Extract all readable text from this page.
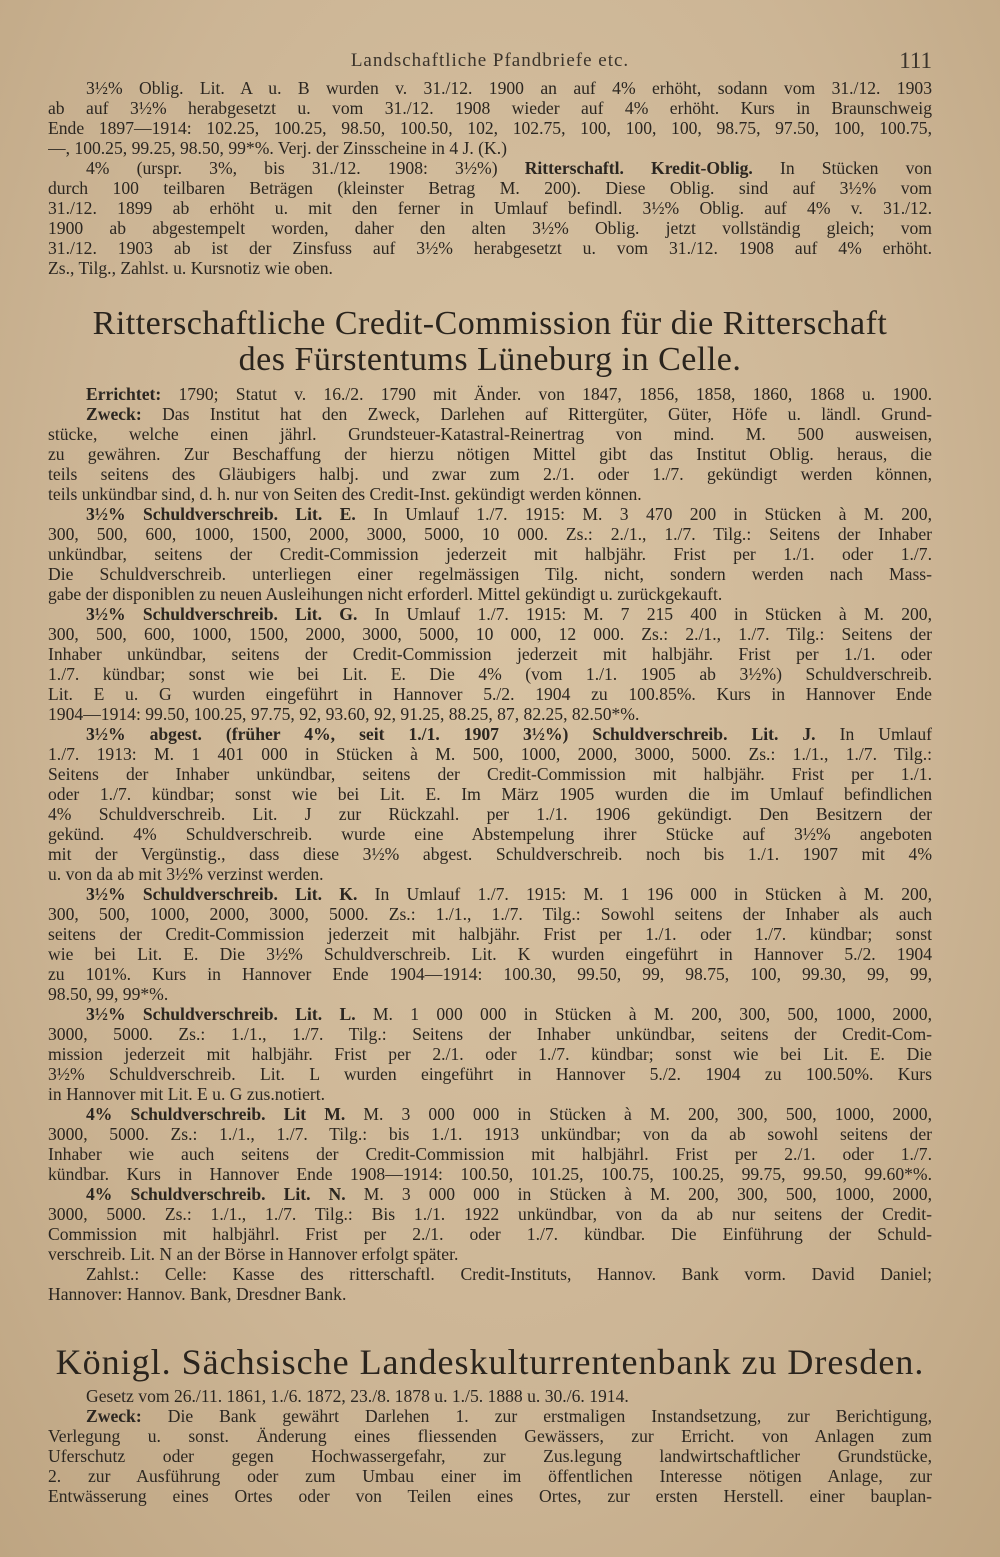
Landschaftliche Pfandbriefe etc.	111

3½% Oblig. Lit. A u. B wurden v. 31./12. 1900 an auf 4% erhöht, sodann vom 31./12. 1903

ab auf 3½% herabgesetzt u. vom 31./12. 1908 wieder auf 4% erhöht. Kurs in Braunschweig

Ende 1897—1914: 102.25, 100.25, 98.50, 100.50, 102, 102.75, 100, 100, 100, 98.75, 97.50, 100, 100.75,

—, 100.25, 99.25, 98.50, 99*%. Verj. der Zinsscheine in 4 J. (K.)

4% (urspr. 3%, bis 31./12. 1908: 3½%) Ritterschaftl. Kredit-Oblig. In Stücken von

durch 100 teilbaren Beträgen (kleinster Betrag M. 200). Diese Oblig. sind auf 3½% vom

31./12. 1899 ab erhöht u. mit den ferner in Umlauf befindl. 3½% Oblig. auf 4% v. 31./12.

1900 ab abgestempelt worden, daher den alten 3½% Oblig. jetzt vollständig gleich; vom

31./12. 1903 ab ist der Zinsfuss auf 3½% herabgesetzt u. vom 31./12. 1908 auf 4% erhöht.

Zs., Tilg., Zahlst. u. Kursnotiz wie oben.

Ritterschaftliche Credit-Commission für die Ritterschaft
des Fürstentums Lüneburg in Celle.

Errichtet: 1790; Statut v. 16./2. 1790 mit Änder. von 1847, 1856, 1858, 1860, 1868 u. 1900.

Zweck: Das Institut hat den Zweck, Darlehen auf Rittergüter, Güter, Höfe u. ländl. Grund-

stücke, welche einen jährl. Grundsteuer-Katastral-Reinertrag von mind. M. 500 ausweisen,

zu gewähren. Zur Beschaffung der hierzu nötigen Mittel gibt das Institut Oblig. heraus, die

teils seitens des Gläubigers halbj. und zwar zum 2./1. oder 1./7. gekündigt werden können,

teils unkündbar sind, d. h. nur von Seiten des Credit-Inst. gekündigt werden können.

3½% Schuldverschreib. Lit. E. In Umlauf 1./7. 1915: M. 3 470 200 in Stücken à M. 200,

300, 500, 600, 1000, 1500, 2000, 3000, 5000, 10 000. Zs.: 2./1., 1./7. Tilg.: Seitens der Inhaber

unkündbar, seitens der Credit-Commission jederzeit mit halbjähr. Frist per 1./1. oder 1./7.

Die Schuldverschreib. unterliegen einer regelmässigen Tilg. nicht, sondern werden nach Mass-

gabe der disponiblen zu neuen Ausleihungen nicht erforderl. Mittel gekündigt u. zurückgekauft.

3½% Schuldverschreib. Lit. G. In Umlauf 1./7. 1915: M. 7 215 400 in Stücken à M. 200,

300, 500, 600, 1000, 1500, 2000, 3000, 5000, 10 000, 12 000. Zs.: 2./1., 1./7. Tilg.: Seitens der

Inhaber unkündbar, seitens der Credit-Commission jederzeit mit halbjähr. Frist per 1./1. oder

1./7. kündbar; sonst wie bei Lit. E. Die 4% (vom 1./1. 1905 ab 3½%) Schuldverschreib.

Lit. E u. G wurden eingeführt in Hannover 5./2. 1904 zu 100.85%. Kurs in Hannover Ende

1904—1914: 99.50, 100.25, 97.75, 92, 93.60, 92, 91.25, 88.25, 87, 82.25, 82.50*%.

3½% abgest. (früher 4%, seit 1./1. 1907 3½%) Schuldverschreib. Lit. J. In Umlauf

1./7. 1913: M. 1 401 000 in Stücken à M. 500, 1000, 2000, 3000, 5000. Zs.: 1./1., 1./7. Tilg.:

Seitens der Inhaber unkündbar, seitens der Credit-Commission mit halbjähr. Frist per 1./1.

oder 1./7. kündbar; sonst wie bei Lit. E. Im März 1905 wurden die im Umlauf befindlichen

4% Schuldverschreib. Lit. J zur Rückzahl. per 1./1. 1906 gekündigt. Den Besitzern der

gekünd. 4% Schuldverschreib. wurde eine Abstempelung ihrer Stücke auf 3½% angeboten

mit der Vergünstig., dass diese 3½% abgest. Schuldverschreib. noch bis 1./1. 1907 mit 4%

u. von da ab mit 3½% verzinst werden.

3½% Schuldverschreib. Lit. K. In Umlauf 1./7. 1915: M. 1 196 000 in Stücken à M. 200,

300, 500, 1000, 2000, 3000, 5000. Zs.: 1./1., 1./7. Tilg.: Sowohl seitens der Inhaber als auch

seitens der Credit-Commission jederzeit mit halbjähr. Frist per 1./1. oder 1./7. kündbar; sonst

wie bei Lit. E. Die 3½% Schuldverschreib. Lit. K wurden eingeführt in Hannover 5./2. 1904

zu 101%. Kurs in Hannover Ende 1904—1914: 100.30, 99.50, 99, 98.75, 100, 99.30, 99, 99,

98.50, 99, 99*%.

3½% Schuldverschreib. Lit. L. M. 1 000 000 in Stücken à M. 200, 300, 500, 1000, 2000,

3000, 5000. Zs.: 1./1., 1./7. Tilg.: Seitens der Inhaber unkündbar, seitens der Credit-Com-

mission jederzeit mit halbjähr. Frist per 2./1. oder 1./7. kündbar; sonst wie bei Lit. E. Die

3½% Schuldverschreib. Lit. L wurden eingeführt in Hannover 5./2. 1904 zu 100.50%. Kurs

in Hannover mit Lit. E u. G zus.notiert.

4% Schuldverschreib. Lit M. M. 3 000 000 in Stücken à M. 200, 300, 500, 1000, 2000,

3000, 5000. Zs.: 1./1., 1./7. Tilg.: bis 1./1. 1913 unkündbar; von da ab sowohl seitens der

Inhaber wie auch seitens der Credit-Commission mit halbjährl. Frist per 2./1. oder 1./7.

kündbar. Kurs in Hannover Ende 1908—1914: 100.50, 101.25, 100.75, 100.25, 99.75, 99.50, 99.60*%.

4% Schuldverschreib. Lit. N. M. 3 000 000 in Stücken à M. 200, 300, 500, 1000, 2000,

3000, 5000. Zs.: 1./1., 1./7. Tilg.: Bis 1./1. 1922 unkündbar, von da ab nur seitens der Credit-

Commission mit halbjährl. Frist per 2./1. oder 1./7. kündbar. Die Einführung der Schuld-

verschreib. Lit. N an der Börse in Hannover erfolgt später.

Zahlst.: Celle: Kasse des ritterschaftl. Credit-Instituts, Hannov. Bank vorm. David Daniel;

Hannover: Hannov. Bank, Dresdner Bank.

Königl. Sächsische Landeskulturrentenbank zu Dresden.

Gesetz vom 26./11. 1861, 1./6. 1872, 23./8. 1878 u. 1./5. 1888 u. 30./6. 1914.

Zweck: Die Bank gewährt Darlehen 1. zur erstmaligen Instandsetzung, zur Berichtigung,

Verlegung u. sonst. Änderung eines fliessenden Gewässers, zur Erricht. von Anlagen zum

Uferschutz oder gegen Hochwassergefahr, zur Zus.legung landwirtschaftlicher Grundstücke,

2. zur Ausführung oder zum Umbau einer im öffentlichen Interesse nötigen Anlage, zur

Entwässerung eines Ortes oder von Teilen eines Ortes, zur ersten Herstell. einer bauplan-
